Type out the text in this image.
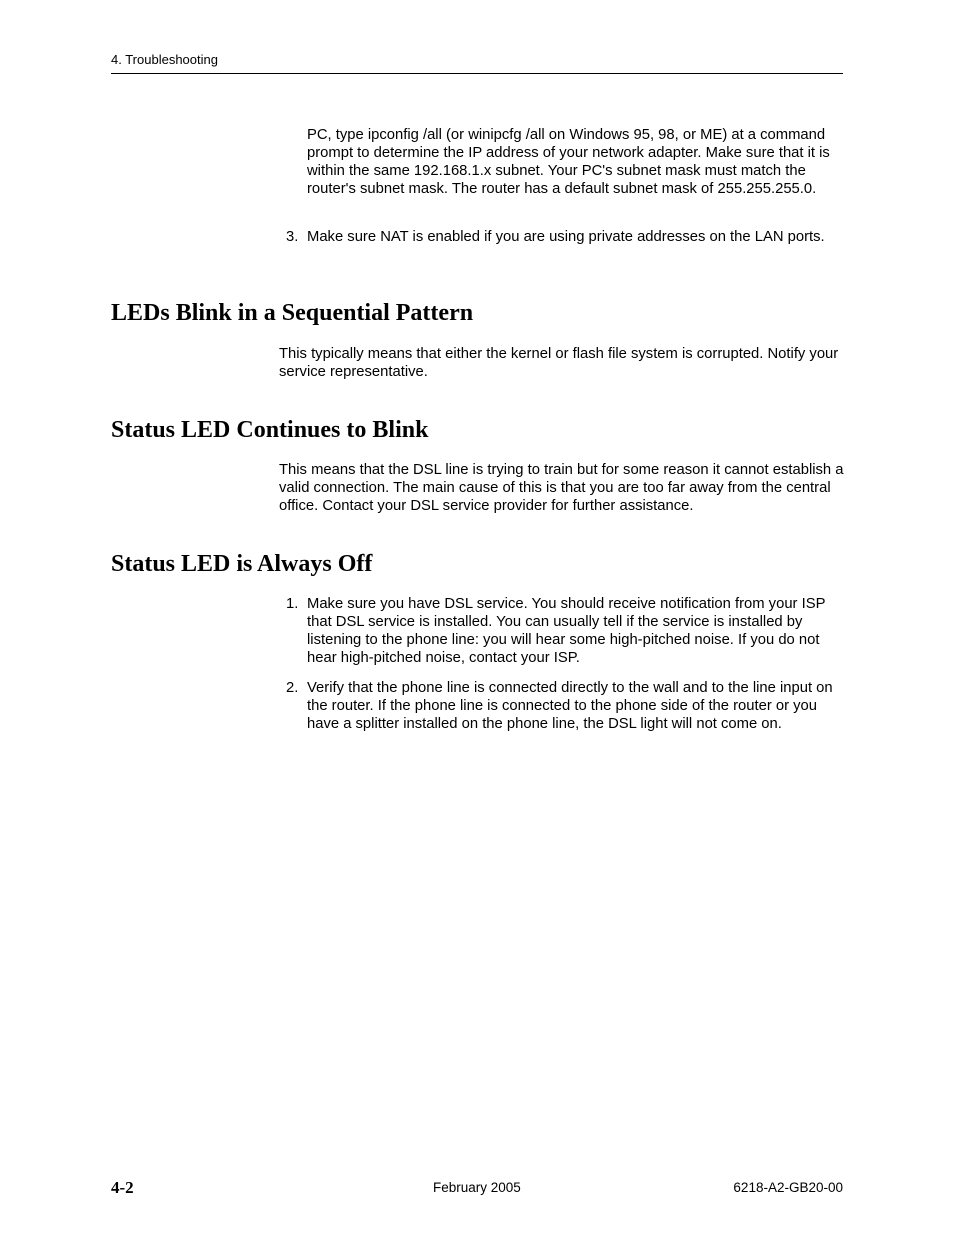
4. Troubleshooting

PC, type ipconfig /all (or winipcfg /all on Windows 95, 98, or ME) at a command prompt to determine the IP address of your network adapter. Make sure that it is within the same 192.168.1.x subnet. Your PC's subnet mask must match the router's subnet mask. The router has a default subnet mask of 255.255.255.0.

3. Make sure NAT is enabled if you are using private addresses on the LAN ports.
LEDs Blink in a Sequential Pattern

This typically means that either the kernel or flash file system is corrupted. Notify your service representative.

Status LED Continues to Blink

This means that the DSL line is trying to train but for some reason it cannot establish a valid connection. The main cause of this is that you are too far away from the central office. Contact your DSL service provider for further assistance.

Status LED is Always Off
1. Make sure you have DSL service. You should receive notification from your ISP that DSL service is installed. You can usually tell if the service is installed by listening to the phone line: you will hear some high-pitched noise. If you do not hear high-pitched noise, contact your ISP.
2. Verify that the phone line is connected directly to the wall and to the line input on the router. If the phone line is connected to the phone side of the router or you have a splitter installed on the phone line, the DSL light will not come on.
4-2	February 2005	6218-A2-GB20-00
